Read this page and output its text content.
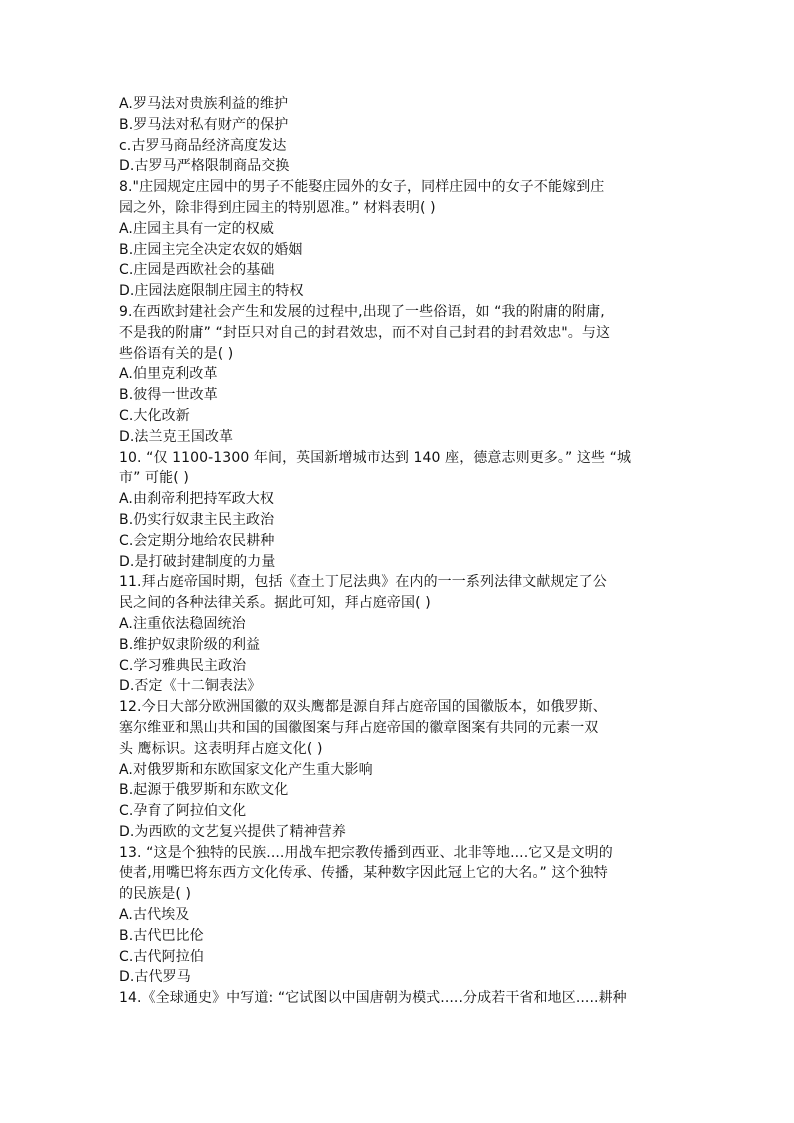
A.罗马法对贵族利益的维护
B.罗马法对私有财产的保护
c.古罗马商品经济高度发达
D.古罗马严格限制商品交换
8."庄园规定庄园中的男子不能娶庄园外的女子，同样庄园中的女子不能嫁到庄
园之外，除非得到庄园主的特别恩准。” 材料表明( )
A.庄园主具有一定的权威
B.庄园主完全决定农奴的婚姻
C.庄园是西欧社会的基础
D.庄园法庭限制庄园主的特权
9.在西欧封建社会产生和发展的过程中,出现了一些俗语，如 “我的附庸的附庸,
不是我的附庸” “封臣只对自己的封君效忠，而不对自己封君的封君效忠"。与这
些俗语有关的是( )
A.伯里克利改革
B.彼得一世改革
C.大化改新
D.法兰克王国改革
10. “仅 1100-1300 年间，英国新增城市达到 140 座，德意志则更多。” 这些 “城
市” 可能( )
A.由刹帝利把持军政大权
B.仍实行奴隶主民主政治
C.会定期分地给农民耕种
D.是打破封建制度的力量
11.拜占庭帝国时期，包括《查土丁尼法典》在内的一一系列法律文献规定了公
民之间的各种法律关系。据此可知，拜占庭帝国( )
A.注重依法稳固统治
B.维护奴隶阶级的利益
C.学习雅典民主政治
D.否定《十二铜表法》
12.今日大部分欧洲国徽的双头鹰都是源自拜占庭帝国的国徽版本，如俄罗斯、
塞尔维亚和黑山共和国的国徽图案与拜占庭帝国的徽章图案有共同的元素一双
头 鹰标识。这表明拜占庭文化( )
A.对俄罗斯和东欧国家文化产生重大影响
B.起源于俄罗斯和东欧文化
C.孕育了阿拉伯文化
D.为西欧的文艺复兴提供了精神营养
13. “这是个独特的民族....用战车把宗教传播到西亚、北非等地....它又是文明的
使者,用嘴巴将东西方文化传承、传播，某种数字因此冠上它的大名。” 这个独特
的民族是( )
A.古代埃及
B.古代巴比伦
C.古代阿拉伯
D.古代罗马
14.《全球通史》中写道: “它试图以中国唐朝为模式.....分成若干省和地区.....耕种
